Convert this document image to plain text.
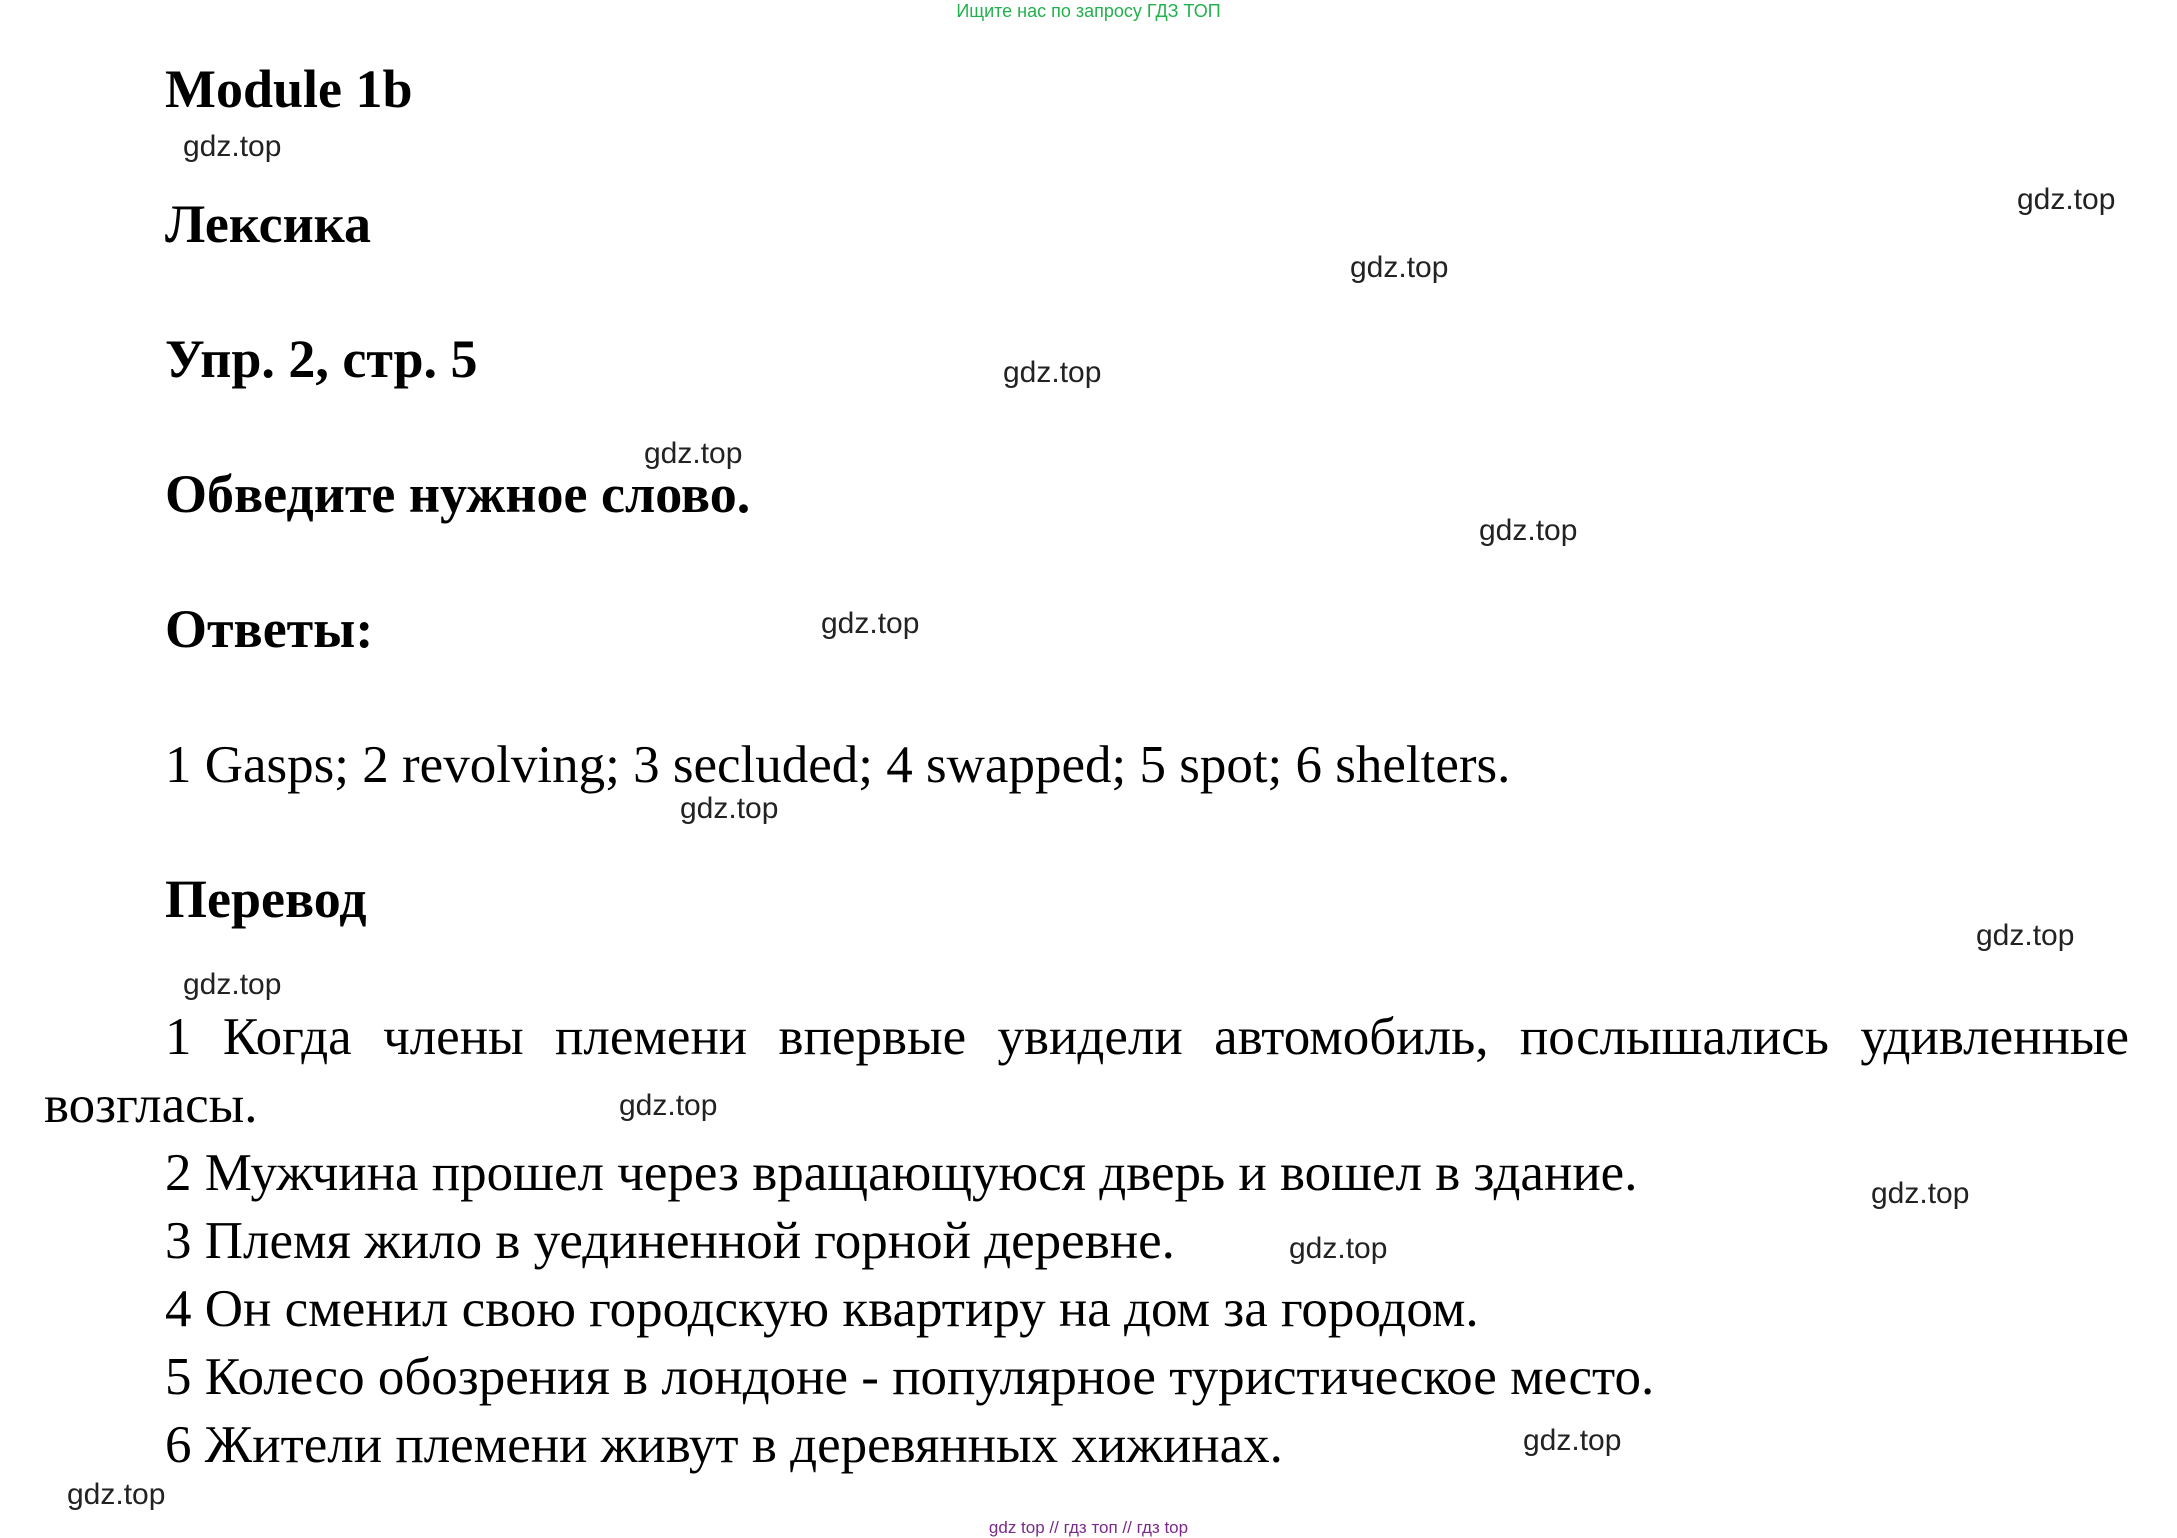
Ищите нас по запросу ГДЗ ТОП
Module 1b
Лексика
Упр. 2, стр. 5
Обведите нужное слово.
Ответы:
1 Gasps; 2 revolving; 3 secluded; 4 swapped; 5 spot; 6 shelters.
Перевод
1 Когда члены племени впервые увидели автомобиль, послышались удивленные возгласы.
2 Мужчина прошел через вращающуюся дверь и вошел в здание.
3 Племя жило в уединенной горной деревне.
4 Он сменил свою городскую квартиру на дом за городом.
5 Колесо обозрения в лондоне - популярное туристическое место.
6 Жители племени живут в деревянных хижинах.
gdz.top
gdz.top
gdz.top
gdz.top
gdz.top
gdz.top
gdz.top
gdz.top
gdz.top
gdz.top
gdz.top
gdz.top
gdz.top
gdz.top
gdz.top
gdz top // гдз топ // гдз top
